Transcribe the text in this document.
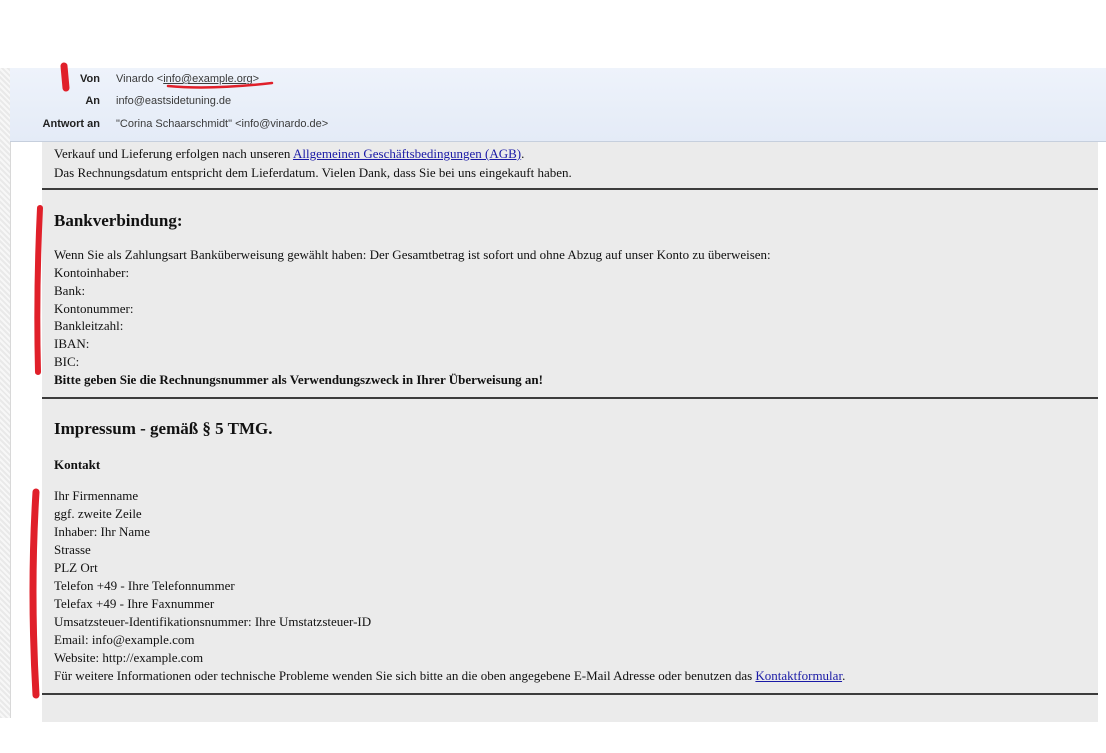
Von Vinardo <info@example.org>
An info@eastsidetuning.de
Antwort an "Corina Schaarschmidt" <info@vinardo.de>

Verkauf und Lieferung erfolgen nach unseren Allgemeinen Geschäftsbedingungen (AGB).

Das Rechnungsdatum entspricht dem Lieferdatum. Vielen Dank, dass Sie bei uns eingekauft haben.

Bankverbindung:

Wenn Sie als Zahlungsart Banküberweisung gewählt haben: Der Gesamtbetrag ist sofort und ohne Abzug auf unser Konto zu überweisen:

Kontoinhaber:

Bank:

Kontonummer:

Bankleitzahl:

IBAN:

BIC:

Bitte geben Sie die Rechnungsnummer als Verwendungszweck in Ihrer Überweisung an!

Impressum - gemäß § 5 TMG.

Kontakt

Ihr Firmenname

ggf. zweite Zeile

Inhaber: Ihr Name

Strasse

PLZ Ort

Telefon +49 - Ihre Telefonnummer

Telefax +49 - Ihre Faxnummer

Umsatzsteuer-Identifikationsnummer: Ihre Umstatzsteuer-ID

Email: info@example.com

Website: http://example.com

Für weitere Informationen oder technische Probleme wenden Sie sich bitte an die oben angegebene E-Mail Adresse oder benutzen das Kontaktformular.
